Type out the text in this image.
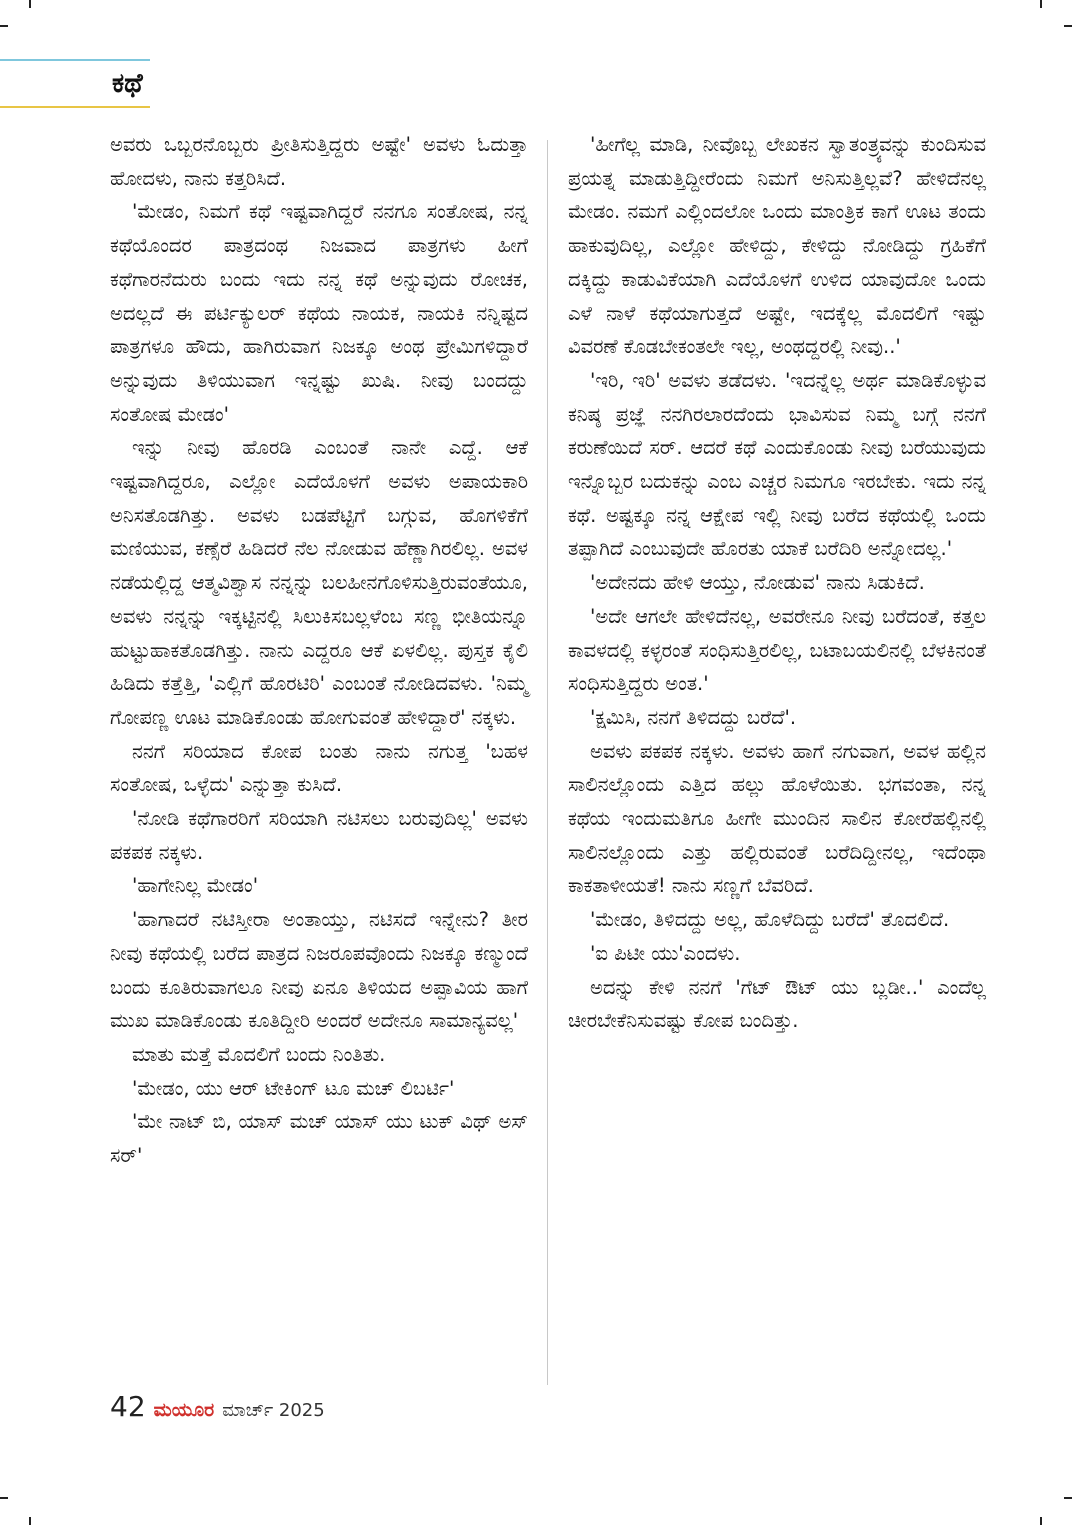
ಕಥೆ

ಅವರು ಒಬ್ಬರನೊಬ್ಬರು ಪ್ರೀತಿಸುತ್ತಿದ್ದರು ಅಷ್ಟೇ' ಅವಳು ಓದುತ್ತಾ ಹೋದಳು, ನಾನು ಕತ್ತರಿಸಿದೆ.

'ಮೇಡಂ, ನಿಮಗೆ ಕಥೆ ಇಷ್ಟವಾಗಿದ್ದರೆ ನನಗೂ ಸಂತೋಷ, ನನ್ನ ಕಥೆಯೊಂದರ ಪಾತ್ರದಂಥ ನಿಜವಾದ ಪಾತ್ರಗಳು ಹೀಗೆ ಕಥೆಗಾರನೆದುರು ಬಂದು ಇದು ನನ್ನ ಕಥೆ ಅನ್ನುವುದು ರೋಚಕ, ಅದಲ್ಲದೆ ಈ ಪರ್ಟಿಕ್ಯುಲರ್ ಕಥೆಯ ನಾಯಕ, ನಾಯಕಿ ನನ್ನಿಷ್ಟದ ಪಾತ್ರಗಳೂ ಹೌದು, ಹಾಗಿರುವಾಗ ನಿಜಕ್ಕೂ ಅಂಥ ಪ್ರೇಮಿಗಳಿದ್ದಾರೆ ಅನ್ನುವುದು ತಿಳಿಯುವಾಗ ಇನ್ನಷ್ಟು ಖುಷಿ. ನೀವು ಬಂದದ್ದು ಸಂತೋಷ ಮೇಡಂ'

ಇನ್ನು ನೀವು ಹೊರಡಿ ಎಂಬಂತೆ ನಾನೇ ಎದ್ದೆ. ಆಕೆ ಇಷ್ಟವಾಗಿದ್ದರೂ, ಎಲ್ಲೋ ಎದೆಯೊಳಗೆ ಅವಳು ಅಪಾಯಕಾರಿ ಅನಿಸತೊಡಗಿತ್ತು. ಅವಳು ಬಡಪೆಟ್ಟಿಗೆ ಬಗ್ಗುವ, ಹೊಗಳಿಕೆಗೆ ಮಣಿಯುವ, ಕಣ್ಸೆರೆ ಹಿಡಿದರೆ ನೆಲ ನೋಡುವ ಹೆಣ್ಣಾಗಿರಲಿಲ್ಲ. ಅವಳ ನಡೆಯಲ್ಲಿದ್ದ ಆತ್ಮವಿಶ್ವಾಸ ನನ್ನನ್ನು ಬಲಹೀನಗೊಳಿಸುತ್ತಿರುವಂತೆಯೂ, ಅವಳು ನನ್ನನ್ನು ಇಕ್ಕಟ್ಟಿನಲ್ಲಿ ಸಿಲುಕಿಸಬಲ್ಲಳೆಂಬ ಸಣ್ಣ ಭೀತಿಯನ್ನೂ ಹುಟ್ಟುಹಾಕತೊಡಗಿತ್ತು. ನಾನು ಎದ್ದರೂ ಆಕೆ ಏಳಲಿಲ್ಲ. ಪುಸ್ತಕ ಕೈಲಿ ಹಿಡಿದು ಕತ್ತೆತ್ತಿ, 'ಎಲ್ಲಿಗೆ ಹೊರಟಿರಿ' ಎಂಬಂತೆ ನೋಡಿದವಳು. 'ನಿಮ್ಮ ಗೋಪಣ್ಣ ಊಟ ಮಾಡಿಕೊಂಡು ಹೋಗುವಂತೆ ಹೇಳಿದ್ದಾರೆ' ನಕ್ಕಳು.

ನನಗೆ ಸರಿಯಾದ ಕೋಪ ಬಂತು ನಾನು ನಗುತ್ತ 'ಬಹಳ ಸಂತೋಷ, ಒಳ್ಳೆದು' ಎನ್ನುತ್ತಾ ಕುಸಿದೆ.

'ನೋಡಿ ಕಥೆಗಾರರಿಗೆ ಸರಿಯಾಗಿ ನಟಿಸಲು ಬರುವುದಿಲ್ಲ' ಅವಳು ಪಕಪಕ ನಕ್ಕಳು.

'ಹಾಗೇನಿಲ್ಲ ಮೇಡಂ'

'ಹಾಗಾದರೆ ನಟಿಸ್ತೀರಾ ಅಂತಾಯ್ತು, ನಟಿಸದೆ ಇನ್ನೇನು? ತೀರ ನೀವು ಕಥೆಯಲ್ಲಿ ಬರೆದ ಪಾತ್ರದ ನಿಜರೂಪವೊಂದು ನಿಜಕ್ಕೂ ಕಣ್ಮುಂದೆ ಬಂದು ಕೂತಿರುವಾಗಲೂ ನೀವು ಏನೂ ತಿಳಿಯದ ಅಪ್ಪಾವಿಯ ಹಾಗೆ ಮುಖ ಮಾಡಿಕೊಂಡು ಕೂತಿದ್ದೀರಿ ಅಂದರೆ ಅದೇನೂ ಸಾಮಾನ್ಯವಲ್ಲ'

ಮಾತು ಮತ್ತೆ ಮೊದಲಿಗೆ ಬಂದು ನಿಂತಿತು.

'ಮೇಡಂ, ಯು ಆರ್ ಟೇಕಿಂಗ್ ಟೂ ಮಚ್ ಲಿಬರ್ಟಿ'

'ಮೇ ನಾಟ್ ಬಿ, ಯಾಸ್ ಮಚ್ ಯಾಸ್ ಯು ಟುಕ್ ವಿಥ್ ಅಸ್ ಸರ್'

'ಹೀಗೆಲ್ಲ ಮಾಡಿ, ನೀವೊಬ್ಬ ಲೇಖಕನ ಸ್ವಾತಂತ್ರ್ಯವನ್ನು ಕುಂದಿಸುವ ಪ್ರಯತ್ನ ಮಾಡುತ್ತಿದ್ದೀರೆಂದು ನಿಮಗೆ ಅನಿಸುತ್ತಿಲ್ಲವೆ? ಹೇಳಿದೆನಲ್ಲ ಮೇಡಂ. ನಮಗೆ ಎಲ್ಲಿಂದಲೋ ಒಂದು ಮಾಂತ್ರಿಕ ಕಾಗೆ ಊಟ ತಂದು ಹಾಕುವುದಿಲ್ಲ, ಎಲ್ಲೋ ಹೇಳಿದ್ದು, ಕೇಳಿದ್ದು ನೋಡಿದ್ದು ಗ್ರಹಿಕೆಗೆ ದಕ್ಕಿದ್ದು ಕಾಡುವಿಕೆಯಾಗಿ ಎದೆಯೊಳಗೆ ಉಳಿದ ಯಾವುದೋ ಒಂದು ಎಳೆ ನಾಳೆ ಕಥೆಯಾಗುತ್ತದೆ ಅಷ್ಟೇ, ಇದಕ್ಕೆಲ್ಲ ಮೊದಲಿಗೆ ಇಷ್ಟು ವಿವರಣೆ ಕೊಡಬೇಕಂತಲೇ ಇಲ್ಲ, ಅಂಥದ್ದರಲ್ಲಿ ನೀವು..'

'ಇರಿ, ಇರಿ' ಅವಳು ತಡೆದಳು. 'ಇದನ್ನೆಲ್ಲ ಅರ್ಥ ಮಾಡಿಕೊಳ್ಳುವ ಕನಿಷ್ಠ ಪ್ರಜ್ಞೆ ನನಗಿರಲಾರದೆಂದು ಭಾವಿಸುವ ನಿಮ್ಮ ಬಗ್ಗೆ ನನಗೆ ಕರುಣೆಯಿದೆ ಸರ್. ಆದರೆ ಕಥೆ ಎಂದುಕೊಂಡು ನೀವು ಬರೆಯುವುದು ಇನ್ನೊಬ್ಬರ ಬದುಕನ್ನು ಎಂಬ ಎಚ್ಚರ ನಿಮಗೂ ಇರಬೇಕು. ಇದು ನನ್ನ ಕಥೆ. ಅಷ್ಟಕ್ಕೂ ನನ್ನ ಆಕ್ಷೇಪ ಇಲ್ಲಿ ನೀವು ಬರೆದ ಕಥೆಯಲ್ಲಿ ಒಂದು ತಪ್ಪಾಗಿದೆ ಎಂಬುವುದೇ ಹೊರತು ಯಾಕೆ ಬರೆದಿರಿ ಅನ್ನೋದಲ್ಲ.'

'ಅದೇನದು ಹೇಳಿ ಆಯ್ತು, ನೋಡುವ' ನಾನು ಸಿಡುಕಿದೆ.

'ಅದೇ ಆಗಲೇ ಹೇಳಿದೆನಲ್ಲ, ಅವರೇನೂ ನೀವು ಬರೆದಂತೆ, ಕತ್ತಲ ಕಾವಳದಲ್ಲಿ ಕಳ್ಳರಂತೆ ಸಂಧಿಸುತ್ತಿರಲಿಲ್ಲ, ಬಟಾಬಯಲಿನಲ್ಲಿ ಬೆಳಕಿನಂತೆ ಸಂಧಿಸುತ್ತಿದ್ದರು ಅಂತ.'

'ಕ್ಷಮಿಸಿ, ನನಗೆ ತಿಳಿದದ್ದು ಬರೆದೆ'.

ಅವಳು ಪಕಪಕ ನಕ್ಕಳು. ಅವಳು ಹಾಗೆ ನಗುವಾಗ, ಅವಳ ಹಲ್ಲಿನ ಸಾಲಿನಲ್ಲೊಂದು ಎತ್ತಿದ ಹಲ್ಲು ಹೊಳೆಯಿತು. ಭಗವಂತಾ, ನನ್ನ ಕಥೆಯ ಇಂದುಮತಿಗೂ ಹೀಗೇ ಮುಂದಿನ ಸಾಲಿನ ಕೋರೆಹಲ್ಲಿನಲ್ಲಿ ಸಾಲಿನಲ್ಲೊಂದು ಎತ್ತು ಹಲ್ಲಿರುವಂತೆ ಬರೆದಿದ್ದೀನಲ್ಲ, ಇದೆಂಥಾ ಕಾಕತಾಳೀಯತೆ! ನಾನು ಸಣ್ಣಗೆ ಬೆವರಿದೆ.

'ಮೇಡಂ, ತಿಳಿದದ್ದು ಅಲ್ಲ, ಹೊಳೆದಿದ್ದು ಬರೆದೆ' ತೊದಲಿದೆ.

'ಐ ಪಿಟೀ ಯು'ಎಂದಳು.

ಅದನ್ನು ಕೇಳಿ ನನಗೆ 'ಗೆಟ್ ಔಟ್ ಯು ಬ್ಲಡೀ..' ಎಂದೆಲ್ಲ ಚೀರಬೇಕೆನಿಸುವಷ್ಟು ಕೋಪ ಬಂದಿತ್ತು.

42 ಮಯೂರ ಮಾರ್ಚ್ 2025
